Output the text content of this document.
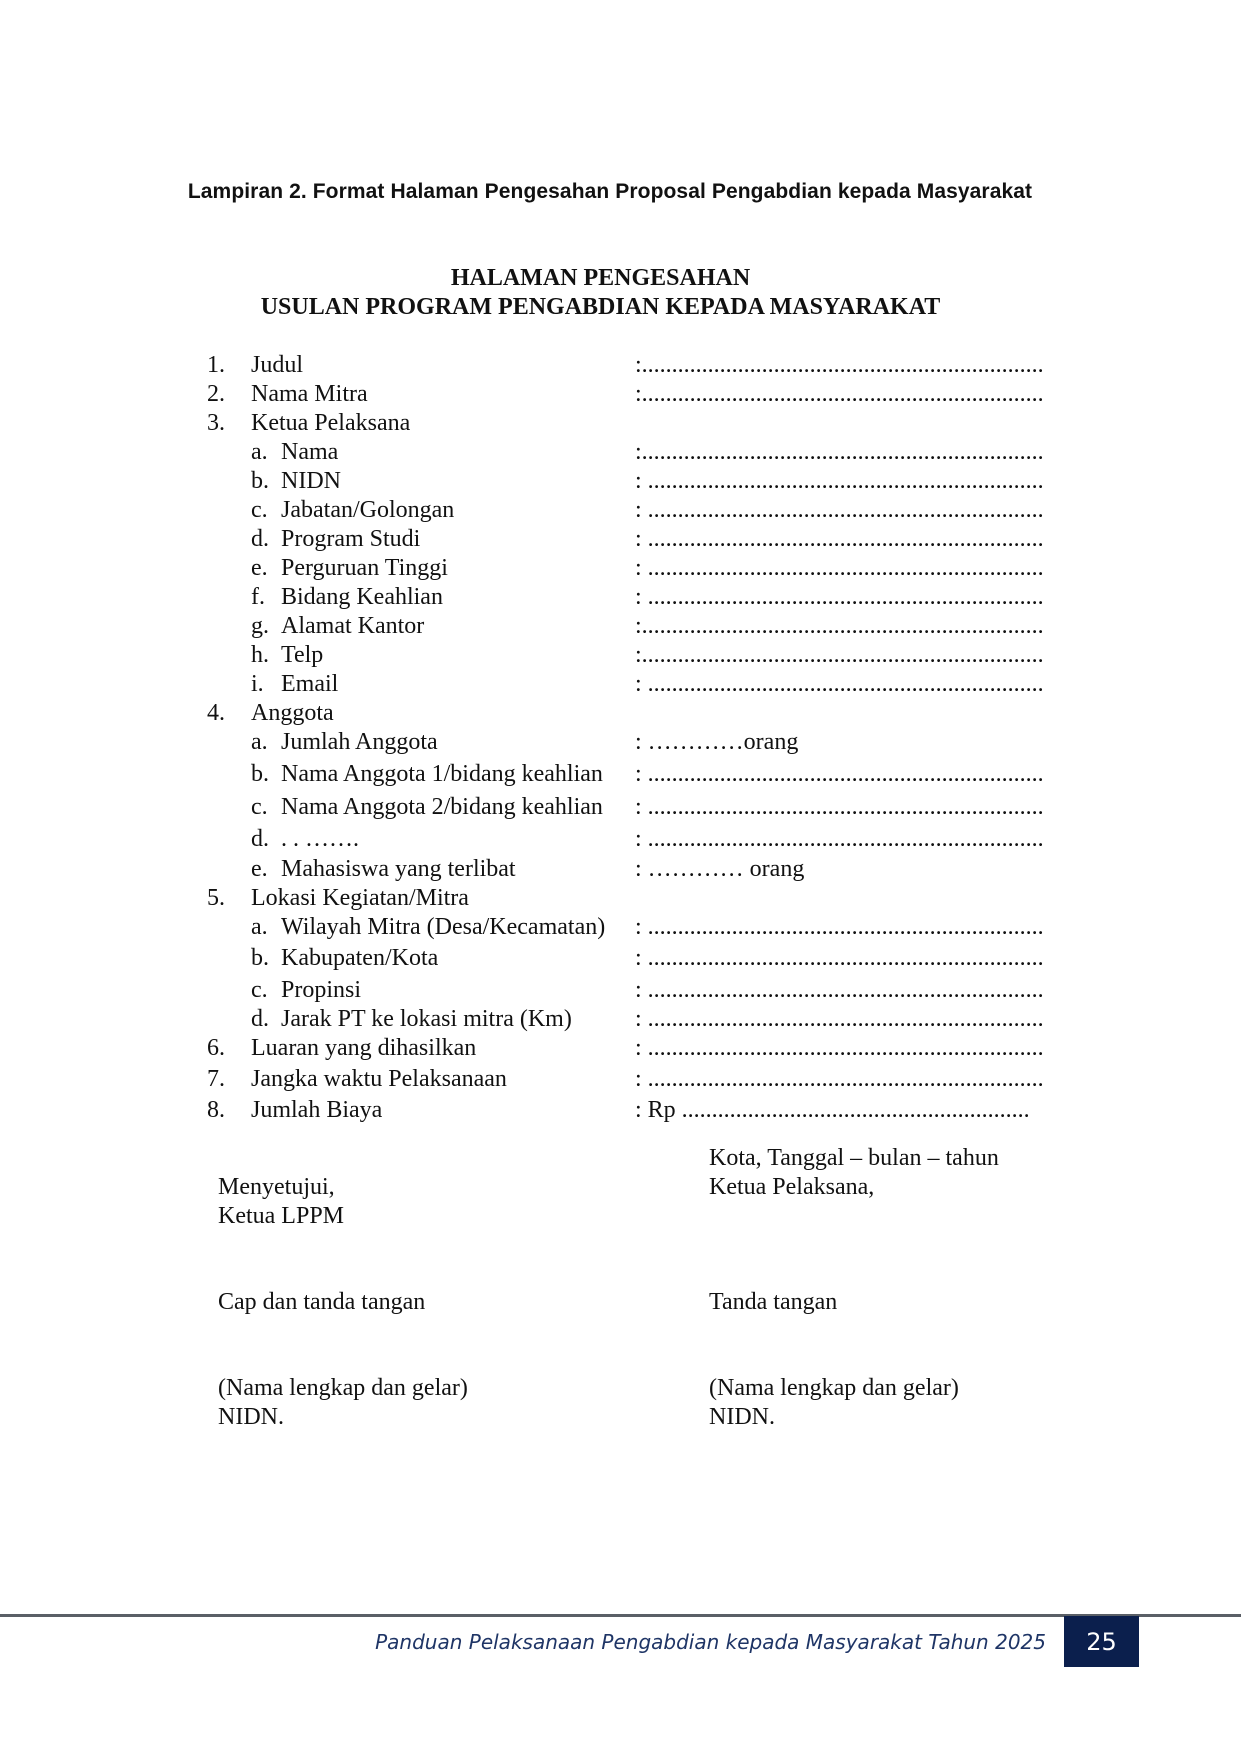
Lampiran 2. Format Halaman Pengesahan Proposal Pengabdian kepada Masyarakat
HALAMAN PENGESAHAN
USULAN PROGRAM PENGABDIAN KEPADA MASYARAKAT
1. Judul	:...................................................................
2. Nama Mitra	:...................................................................
3. Ketua Pelaksana
a. Nama	:...................................................................
b. NIDN	: ..................................................................
c. Jabatan/Golongan	: ..................................................................
d. Program Studi	: ..................................................................
e. Perguruan Tinggi	: ..................................................................
f. Bidang Keahlian	: ..................................................................
g. Alamat Kantor	:...................................................................
h. Telp	:...................................................................
i. Email	: ..................................................................
4. Anggota
a. Jumlah Anggota	: …………orang
b. Nama Anggota 1/bidang keahlian : ..................................................................
c. Nama Anggota 2/bidang keahlian : ..................................................................
d. . . …….	: ..................................................................
e. Mahasiswa yang terlibat	: ………… orang
5. Lokasi Kegiatan/Mitra
a. Wilayah Mitra (Desa/Kecamatan) : ..................................................................
b. Kabupaten/Kota	: ..................................................................
c. Propinsi	: ..................................................................
d. Jarak PT ke lokasi mitra (Km)	: ..................................................................
6. Luaran yang dihasilkan	: ..................................................................
7. Jangka waktu Pelaksanaan	: ..................................................................
8. Jumlah Biaya	: Rp ..........................................................
Kota, Tanggal – bulan – tahun
Ketua Pelaksana,
Menyetujui,
Ketua LPPM
Cap dan tanda tangan	Tanda tangan
(Nama lengkap dan gelar)
NIDN.
(Nama lengkap dan gelar)
NIDN.
Panduan Pelaksanaan Pengabdian kepada Masyarakat Tahun 2025	25
